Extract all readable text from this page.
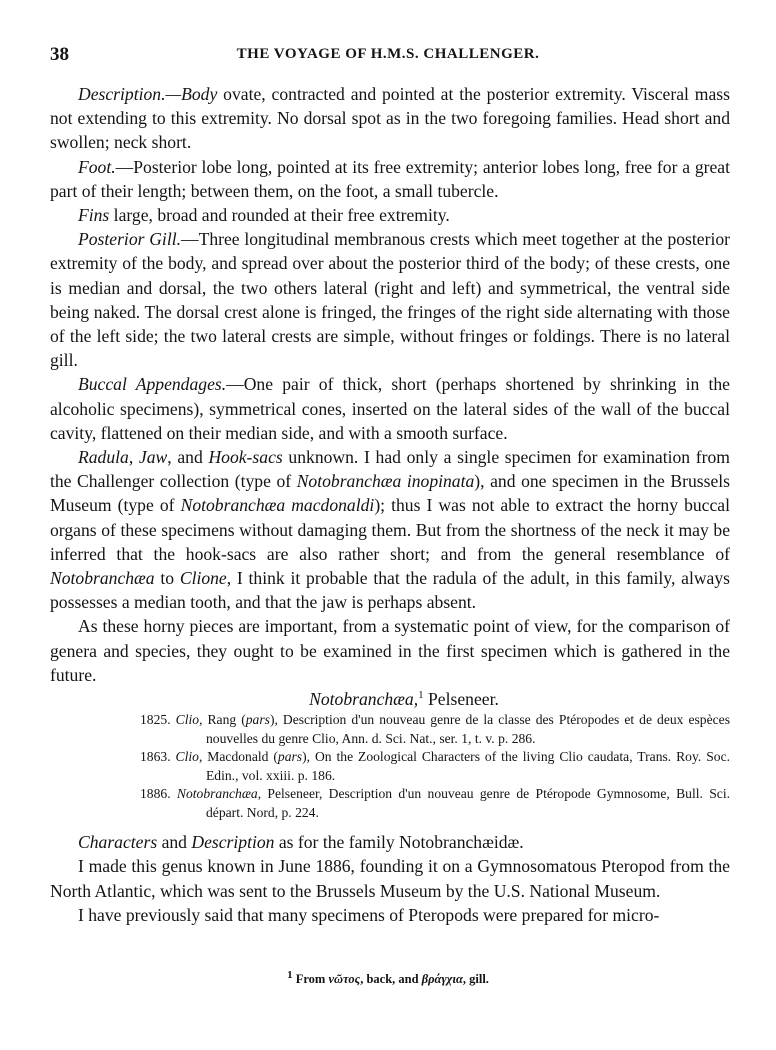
38	THE VOYAGE OF H.M.S. CHALLENGER.

Description.—Body ovate, contracted and pointed at the posterior extremity. Visceral mass not extending to this extremity. No dorsal spot as in the two foregoing families. Head short and swollen; neck short.

Foot.—Posterior lobe long, pointed at its free extremity; anterior lobes long, free for a great part of their length; between them, on the foot, a small tubercle.

Fins large, broad and rounded at their free extremity.

Posterior Gill.—Three longitudinal membranous crests which meet together at the posterior extremity of the body, and spread over about the posterior third of the body; of these crests, one is median and dorsal, the two others lateral (right and left) and symmetrical, the ventral side being naked. The dorsal crest alone is fringed, the fringes of the right side alternating with those of the left side; the two lateral crests are simple, without fringes or foldings. There is no lateral gill.

Buccal Appendages.—One pair of thick, short (perhaps shortened by shrinking in the alcoholic specimens), symmetrical cones, inserted on the lateral sides of the wall of the buccal cavity, flattened on their median side, and with a smooth surface.

Radula, Jaw, and Hook-sacs unknown. I had only a single specimen for examination from the Challenger collection (type of Notobranchæa inopinata), and one specimen in the Brussels Museum (type of Notobranchæa macdonaldi); thus I was not able to extract the horny buccal organs of these specimens without damaging them. But from the shortness of the neck it may be inferred that the hook-sacs are also rather short; and from the general resemblance of Notobranchæa to Clione, I think it probable that the radula of the adult, in this family, always possesses a median tooth, and that the jaw is perhaps absent.

As these horny pieces are important, from a systematic point of view, for the comparison of genera and species, they ought to be examined in the first specimen which is gathered in the future.

Notobranchæa,$^1$ Pelseneer.

1825. Clio, Rang (pars), Description d'un nouveau genre de la classe des Ptéropodes et de deux espèces nouvelles du genre Clio, Ann. d. Sci. Nat., ser. 1, t. v. p. 286.
1863. Clio, Macdonald (pars), On the Zoological Characters of the living Clio caudata, Trans. Roy. Soc. Edin., vol. xxiii. p. 186.
1886. Notobranchæa, Pelseneer, Description d'un nouveau genre de Ptéropode Gymnosome, Bull. Sci. départ. Nord, p. 224.

Characters and Description as for the family Notobranchæidæ.

I made this genus known in June 1886, founding it on a Gymnosomatous Pteropod from the North Atlantic, which was sent to the Brussels Museum by the U.S. National Museum.

I have previously said that many specimens of Pteropods were prepared for micro-

$^1$ From νῶτος, back, and βράγχια, gill.
